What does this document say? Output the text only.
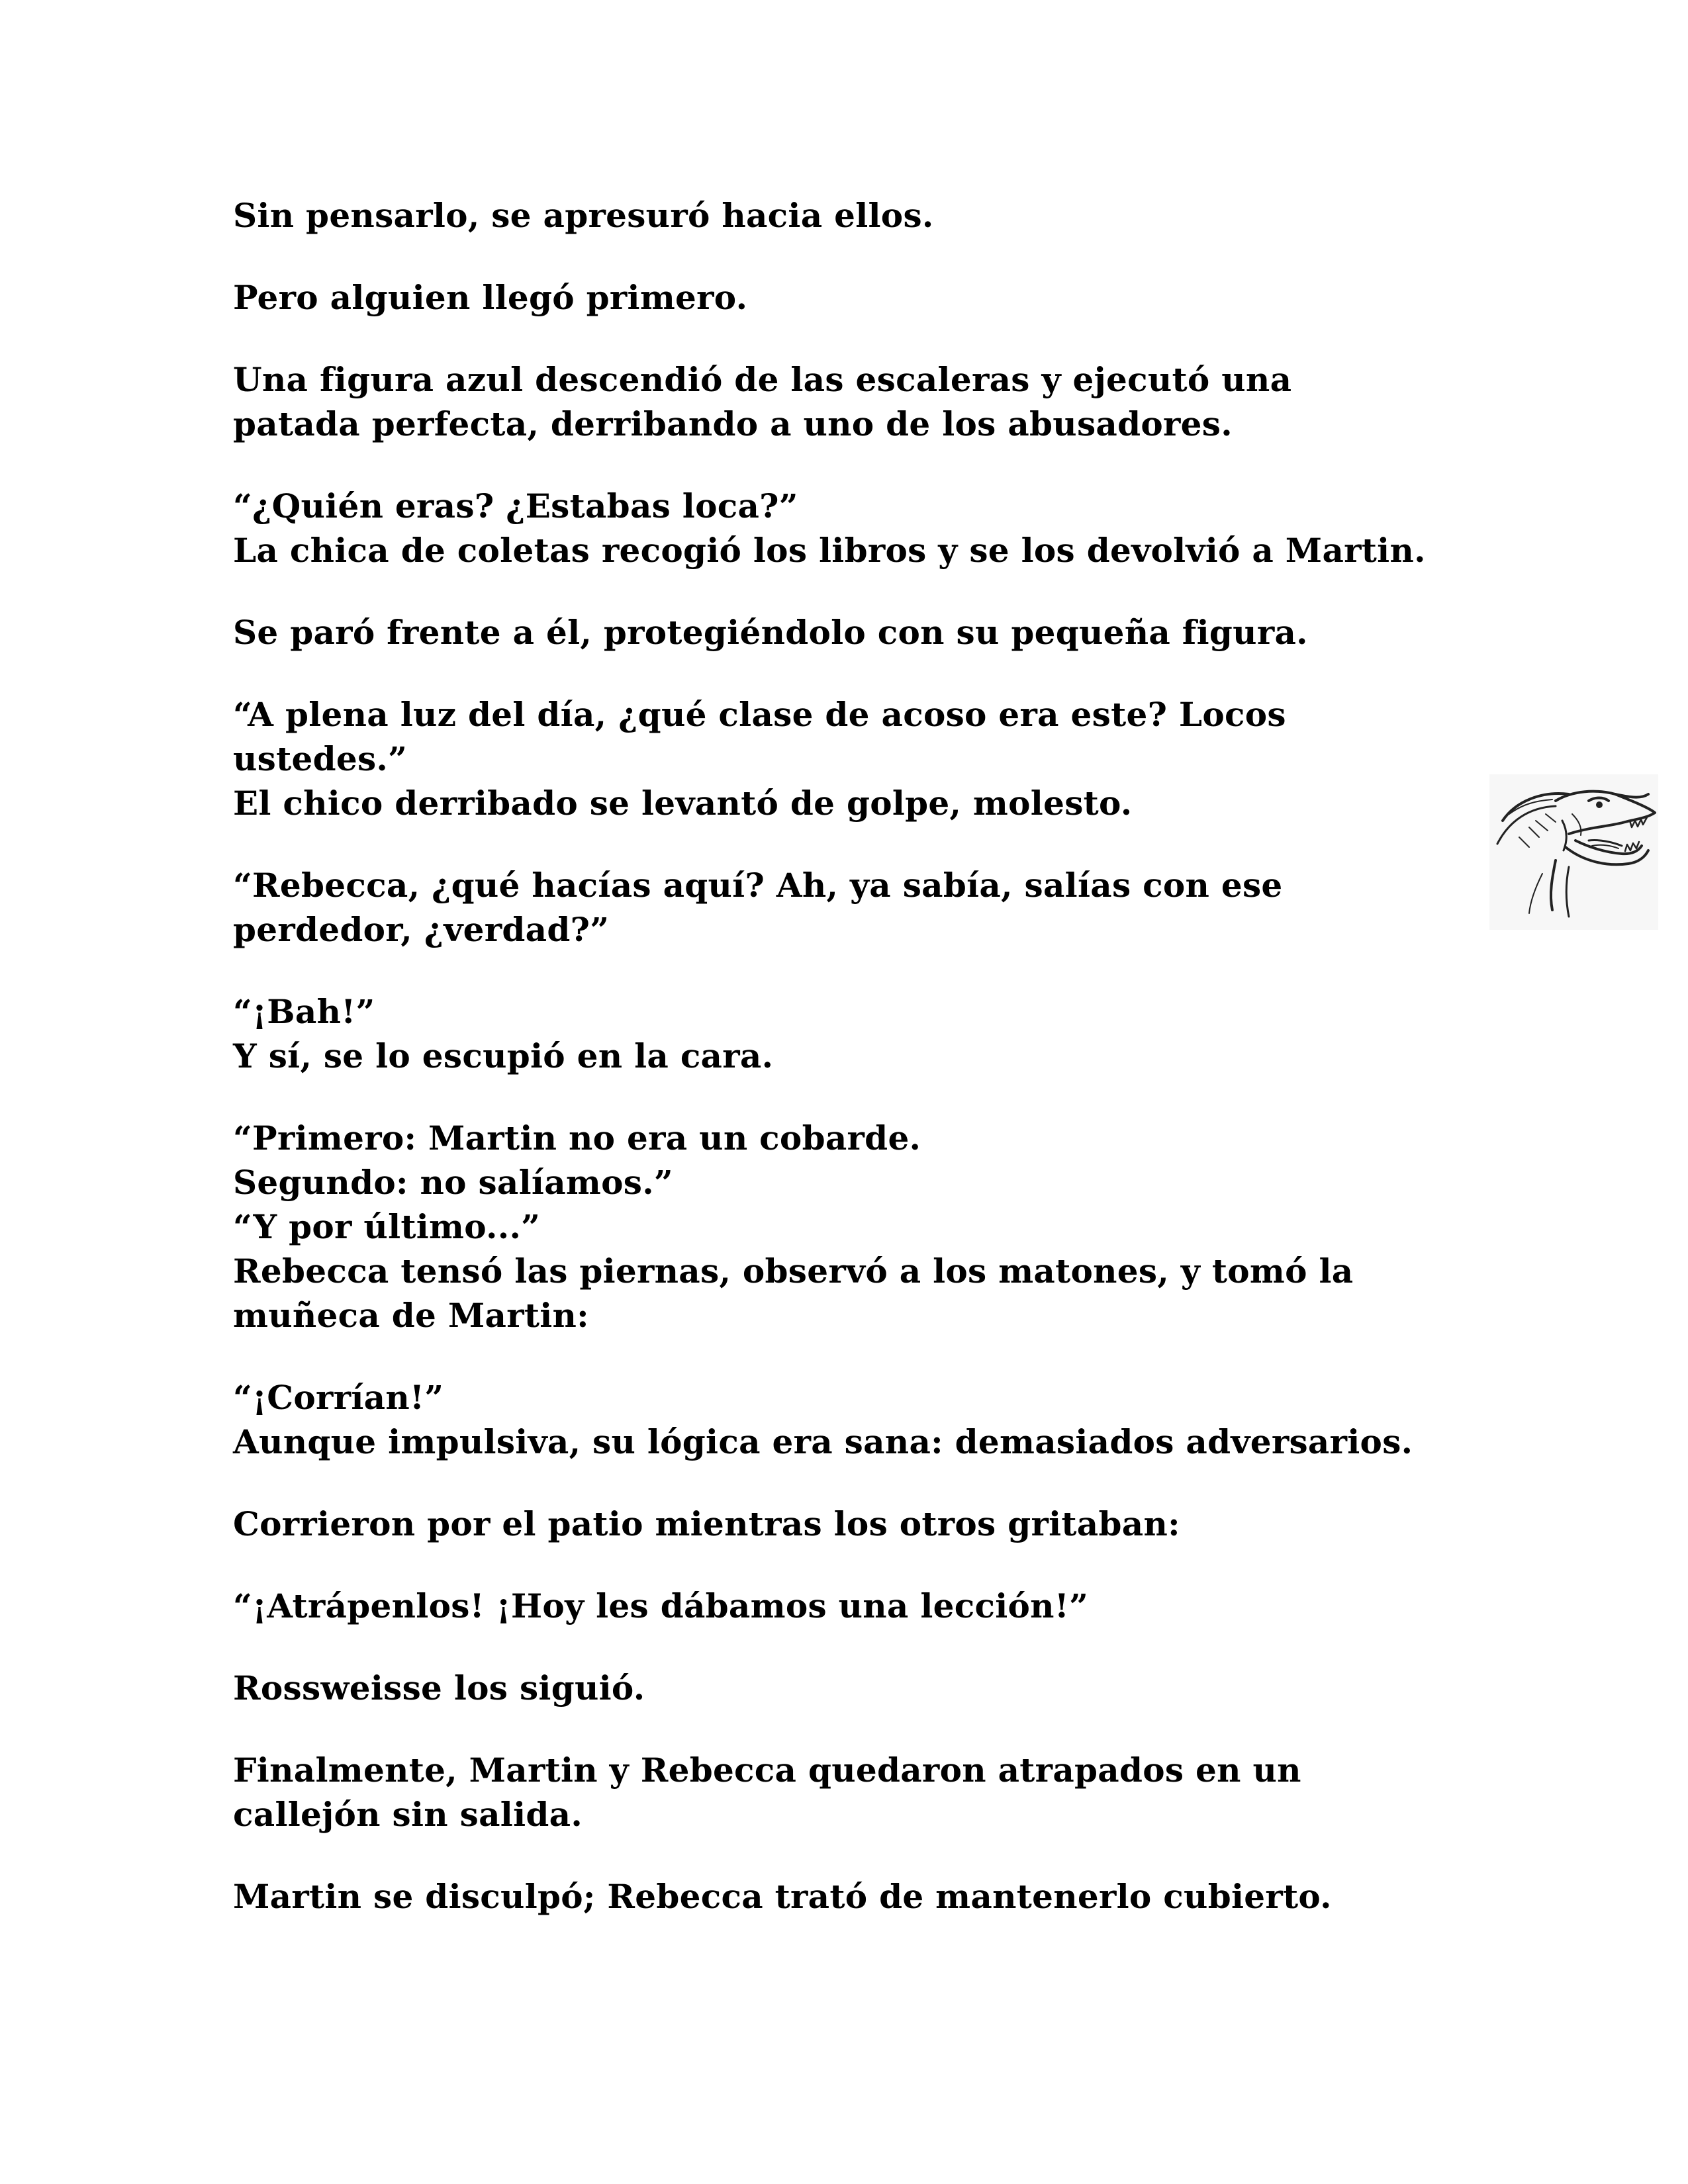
Sin pensarlo, se apresuró hacia ellos.

Pero alguien llegó primero.

Una figura azul descendió de las escaleras y ejecutó una
patada perfecta, derribando a uno de los abusadores.

“¿Quién eras? ¿Estabas loca?”
La chica de coletas recogió los libros y se los devolvió a Martin.

Se paró frente a él, protegiéndolo con su pequeña figura.

“A plena luz del día, ¿qué clase de acoso era este? Locos
ustedes.”
El chico derribado se levantó de golpe, molesto.

“Rebecca, ¿qué hacías aquí? Ah, ya sabía, salías con ese
perdedor, ¿verdad?”

“¡Bah!”
Y sí, se lo escupió en la cara.

“Primero: Martin no era un cobarde.
Segundo: no salíamos.”
“Y por último...”
Rebecca tensó las piernas, observó a los matones, y tomó la
muñeca de Martin:

“¡Corrían!”
Aunque impulsiva, su lógica era sana: demasiados adversarios.

Corrieron por el patio mientras los otros gritaban:

“¡Atrápenlos! ¡Hoy les dábamos una lección!”

Rossweisse los siguió.

Finalmente, Martin y Rebecca quedaron atrapados en un
callejón sin salida.

Martin se disculpó; Rebecca trató de mantenerlo cubierto.
